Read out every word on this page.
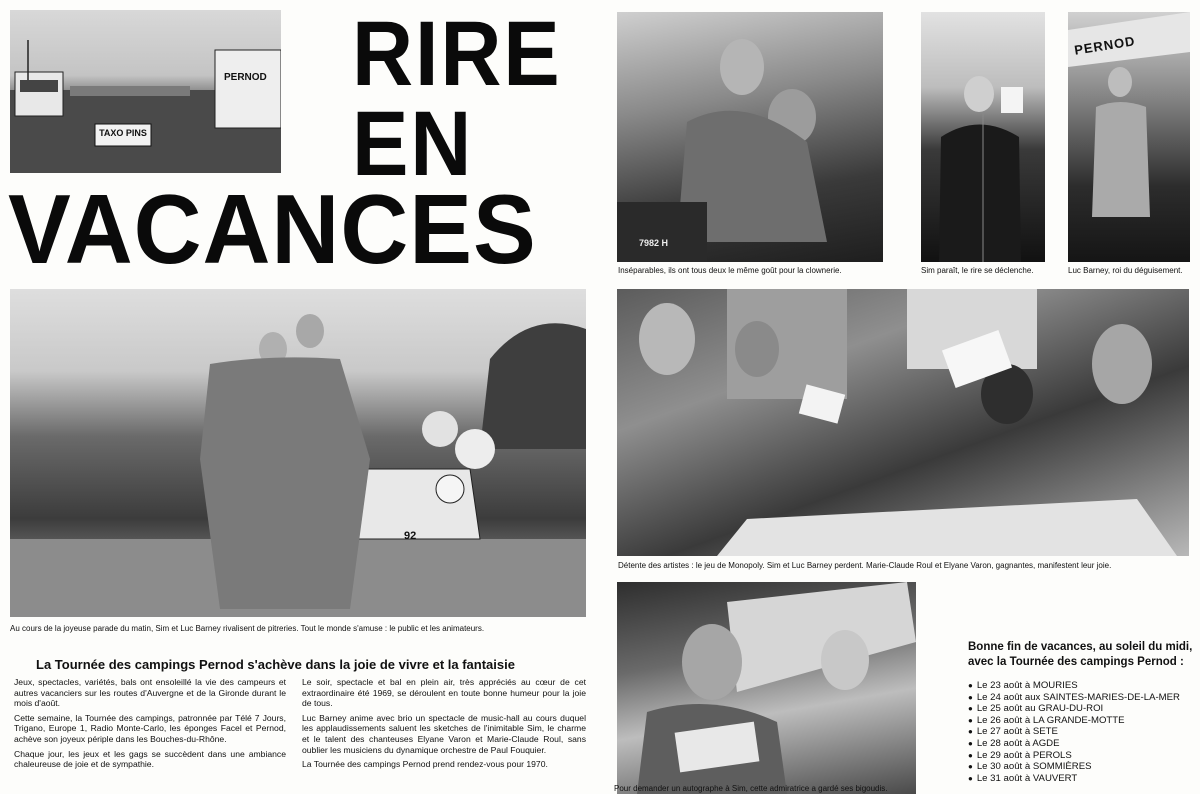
RIRE
EN
VACANCES
TAXO PINS
PERNOD
7982 H
Inséparables, ils ont tous deux le même goût pour la clownerie.	Sim paraît, le rire se déclenche.
PERNOD
Luc Barney, roi du déguisement.
92
Au cours de la joyeuse parade du matin, Sim et Luc Barney rivalisent de pitreries. Tout le monde s'amuse : le public et les animateurs.
Détente des artistes : le jeu de Monopoly. Sim et Luc Barney perdent. Marie-Claude Roul et Elyane Varon, gagnantes, manifestent leur joie.
Pour demander un autographe à Sim, cette admiratrice a gardé ses bigoudis.
La Tournée des campings Pernod s'achève dans la joie de vivre et la fantaisie

Jeux, spectacles, variétés, bals ont ensoleillé la vie des campeurs et autres vacanciers sur les routes d'Auvergne et de la Gironde durant le mois d'août.

Cette semaine, la Tournée des campings, patronnée par Télé 7 Jours, Trigano, Europe 1, Radio Monte-Carlo, les éponges Facel et Pernod, achève son joyeux périple dans les Bouches-du-Rhône.

Chaque jour, les jeux et les gags se succèdent dans une ambiance chaleureuse de joie et de sympathie.

Le soir, spectacle et bal en plein air, très appréciés au cœur de cet extraordinaire été 1969, se déroulent en toute bonne humeur pour la joie de tous.

Luc Barney anime avec brio un spectacle de music-hall au cours duquel les applaudissements saluent les sketches de l'inimitable Sim, le charme et le talent des chanteuses Elyane Varon et Marie-Claude Roul, sans oublier les musiciens du dynamique orchestre de Paul Fouquier.

La Tournée des campings Pernod prend rendez-vous pour 1970.

Bonne fin de vacances, au soleil du midi, avec la Tournée des campings Pernod :
● Le 23 août à MOURIES
● Le 24 août aux SAINTES-MARIES-DE-LA-MER
● Le 25 août au GRAU-DU-ROI
● Le 26 août à LA GRANDE-MOTTE
● Le 27 août à SETE
● Le 28 août à AGDE
● Le 29 août à PEROLS
● Le 30 août à SOMMIÈRES
● Le 31 août à VAUVERT
